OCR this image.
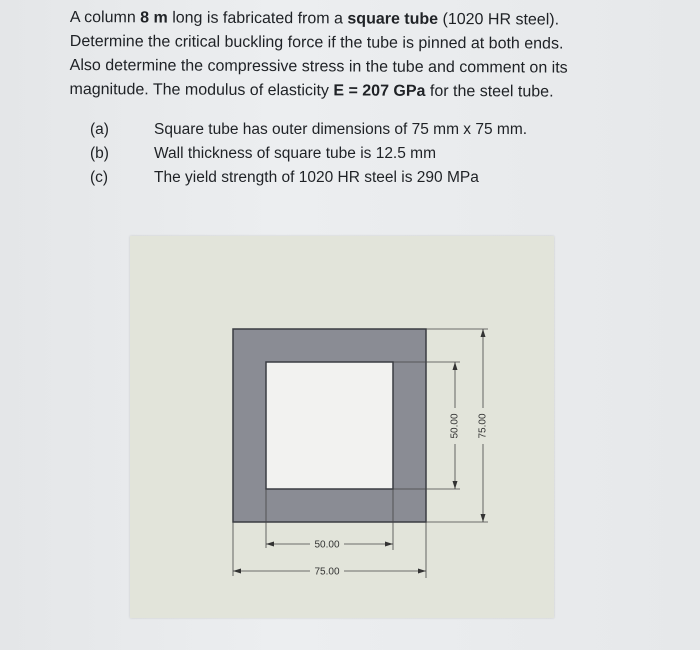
A column 8 m long is fabricated from a square tube (1020 HR steel).

Determine the critical buckling force if the tube is pinned at both ends.

Also determine the compressive stress in the tube and comment on its

magnitude. The modulus of elasticity E = 207 GPa for the steel tube.

(a)	Square tube has outer dimensions of 75 mm x 75 mm.
(b)	Wall thickness of square tube is 12.5 mm
(c)	The yield strength of 1020 HR steel is 290 MPa
50.00
75.00
50.00 75.00
